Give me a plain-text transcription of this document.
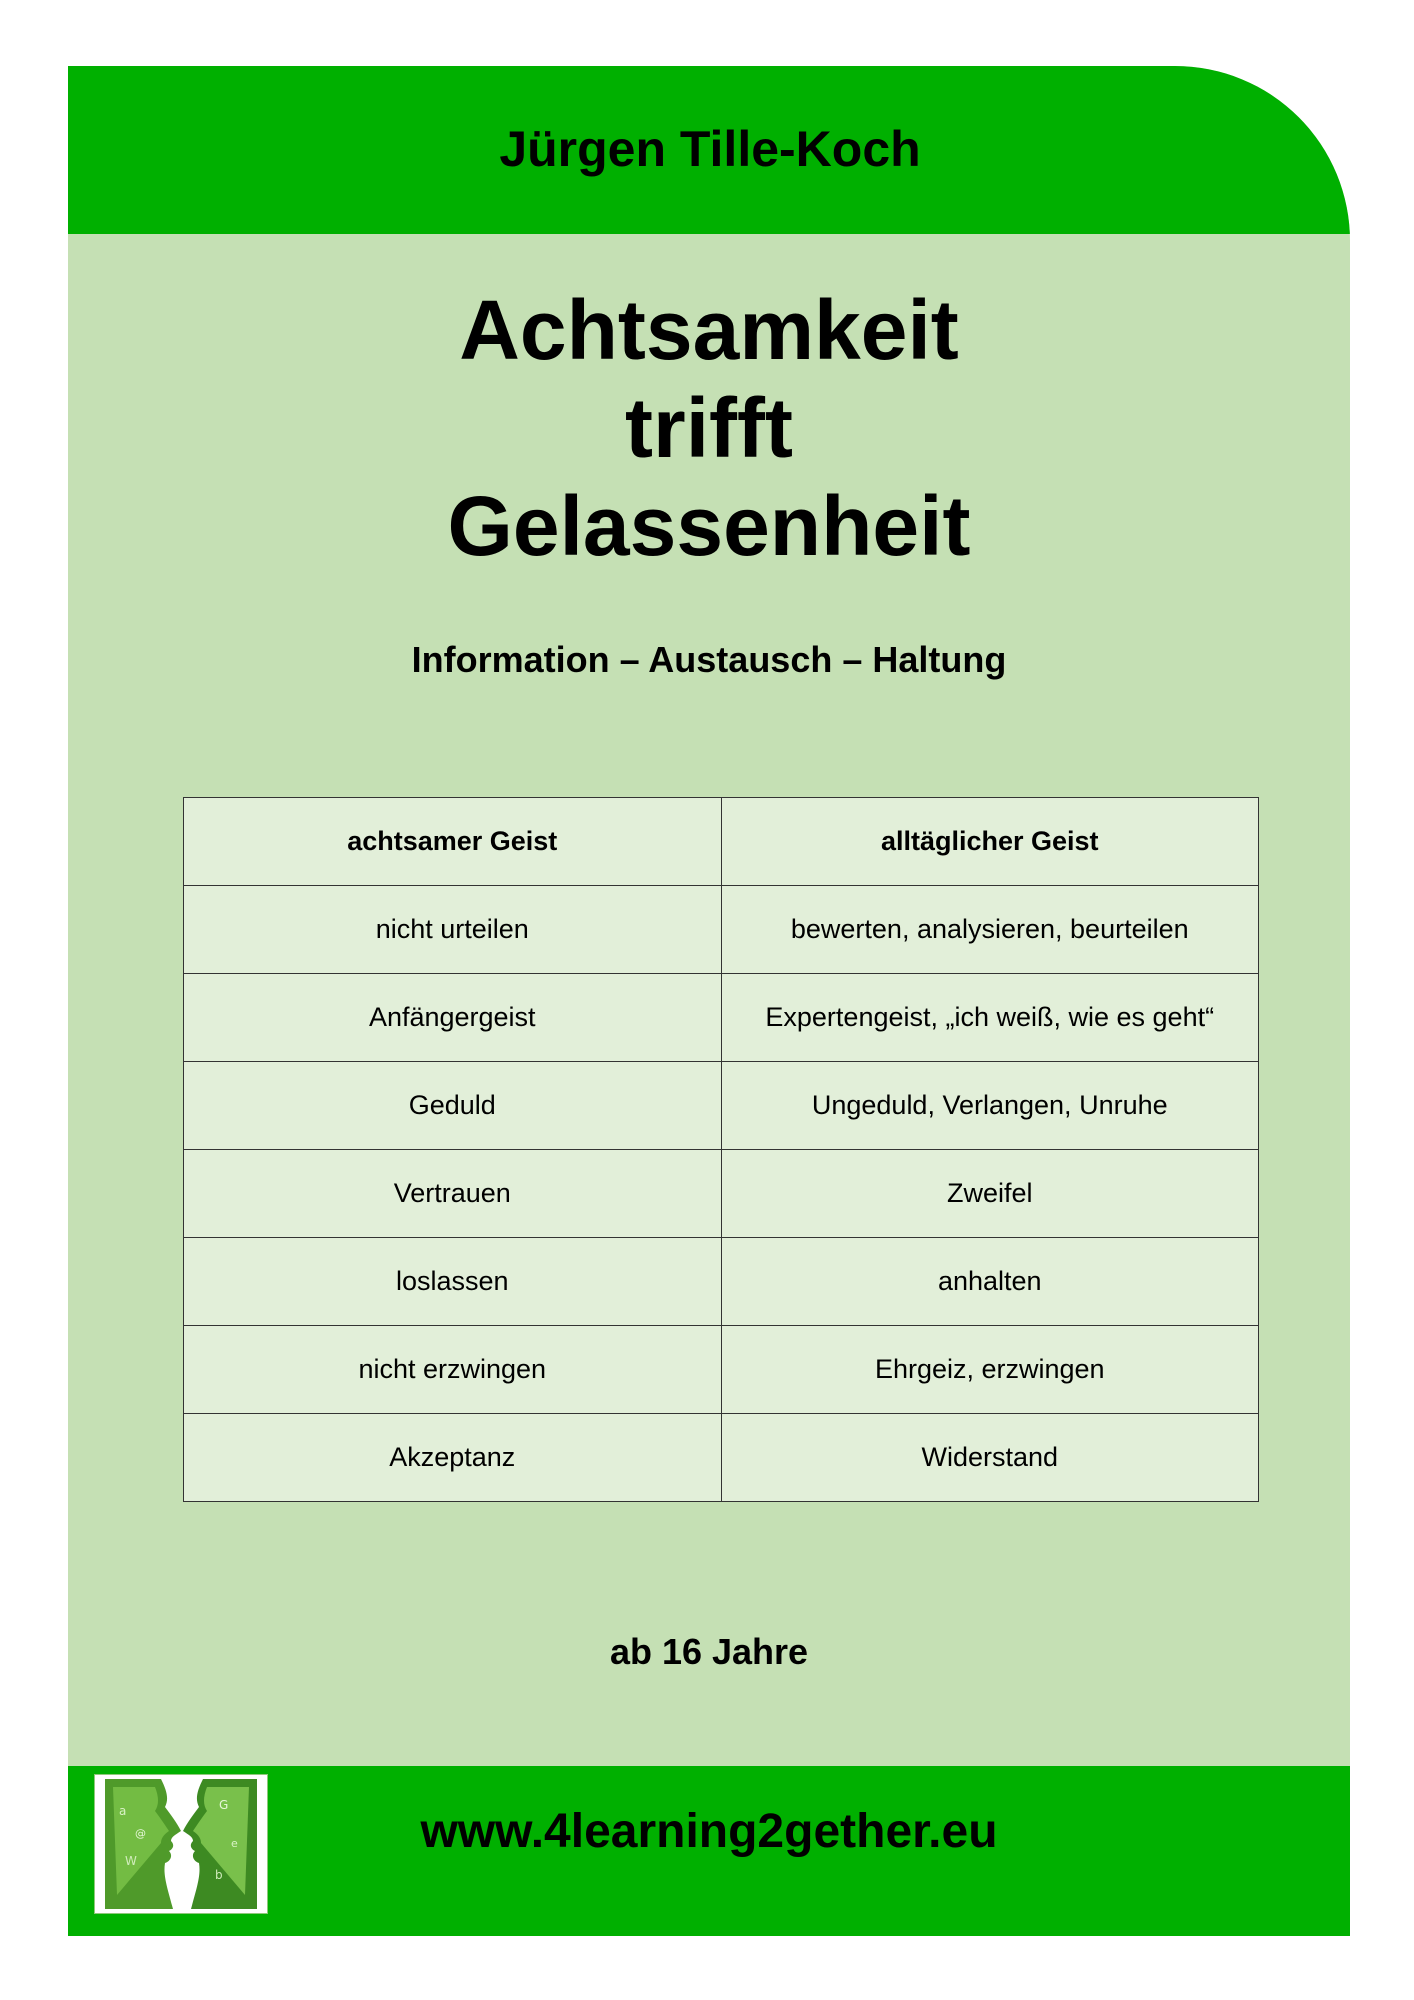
Jürgen Tille-Koch
Achtsamkeit
trifft
Gelassenheit
Information – Austausch – Haltung
achtsamer Geist	alltäglicher Geist
nicht urteilen	bewerten, analysieren, beurteilen
Anfängergeist	Expertengeist, „ich weiß, wie es geht“
Geduld	Ungeduld, Verlangen, Unruhe
Vertrauen	Zweifel
loslassen	anhalten
nicht erzwingen	Ehrgeiz, erzwingen
Akzeptanz	Widerstand
ab 16 Jahre
a
@
W
G
e
b
www.4learning2gether.eu
